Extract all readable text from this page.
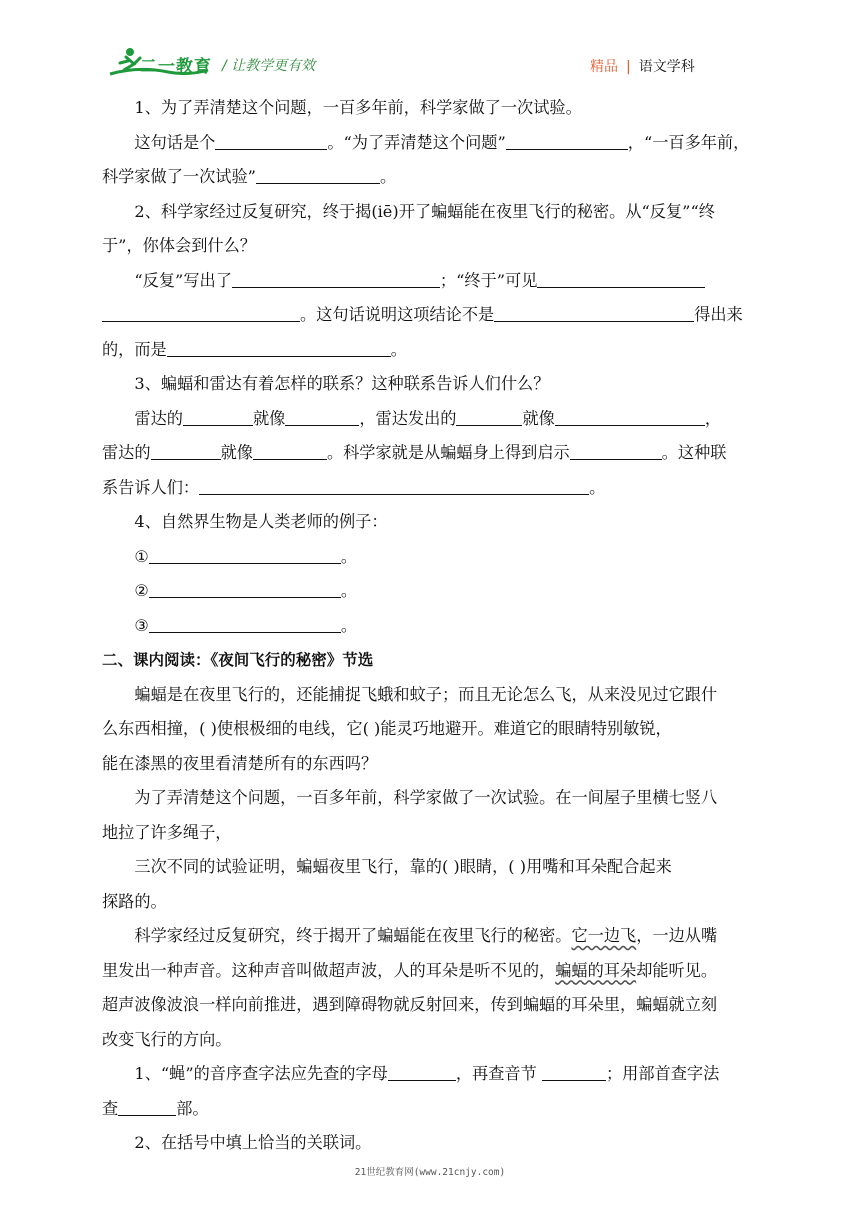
二一教育 / 让教学更有效	精品 | 语文学科

1、为了弄清楚这个问题，一百多年前，科学家做了一次试验。

这句话是个	。“为了弄清楚这个问题”	，“一百多年前，

科学家做了一次试验”	。

2、科学家经过反复研究，终于揭(iē)开了蝙蝠能在夜里飞行的秘密。从“反复”“终

于”，你体会到什么？

“反复”写出了	；“终于”可见

。这句话说明这项结论不是	得出来

的，而是	。

3、蝙蝠和雷达有着怎样的联系？这种联系告诉人们什么？

雷达的	就像	，雷达发出的	就像	，

雷达的	就像	。科学家就是从蝙蝠身上得到启示	。这种联

系告诉人们：	。

4、自然界生物是人类老师的例子：

①	。

②	。

③	。

二、课内阅读：《夜间飞行的秘密》节选

蝙蝠是在夜里飞行的，还能捕捉飞蛾和蚊子；而且无论怎么飞，从来没见过它跟什

么东西相撞，( )使根极细的电线，它( )能灵巧地避开。难道它的眼睛特别敏锐，

能在漆黑的夜里看清楚所有的东西吗？

为了弄清楚这个问题，一百多年前，科学家做了一次试验。在一间屋子里横七竖八

地拉了许多绳子，

三次不同的试验证明，蝙蝠夜里飞行，靠的( )眼睛，( )用嘴和耳朵配合起来

探路的。

科学家经过反复研究，终于揭开了蝙蝠能在夜里飞行的秘密。它一边飞，一边从嘴

里发出一种声音。这种声音叫做超声波，人的耳朵是听不见的，蝙蝠的耳朵却能听见。

超声波像波浪一样向前推进，遇到障碍物就反射回来，传到蝙蝠的耳朵里，蝙蝠就立刻

改变飞行的方向。

1、“蝇”的音序查字法应先查的字母	，再查音节	；用部首查字法

查	部。

2、在括号中填上恰当的关联词。

21世纪教育网(www.21cnjy.com)
